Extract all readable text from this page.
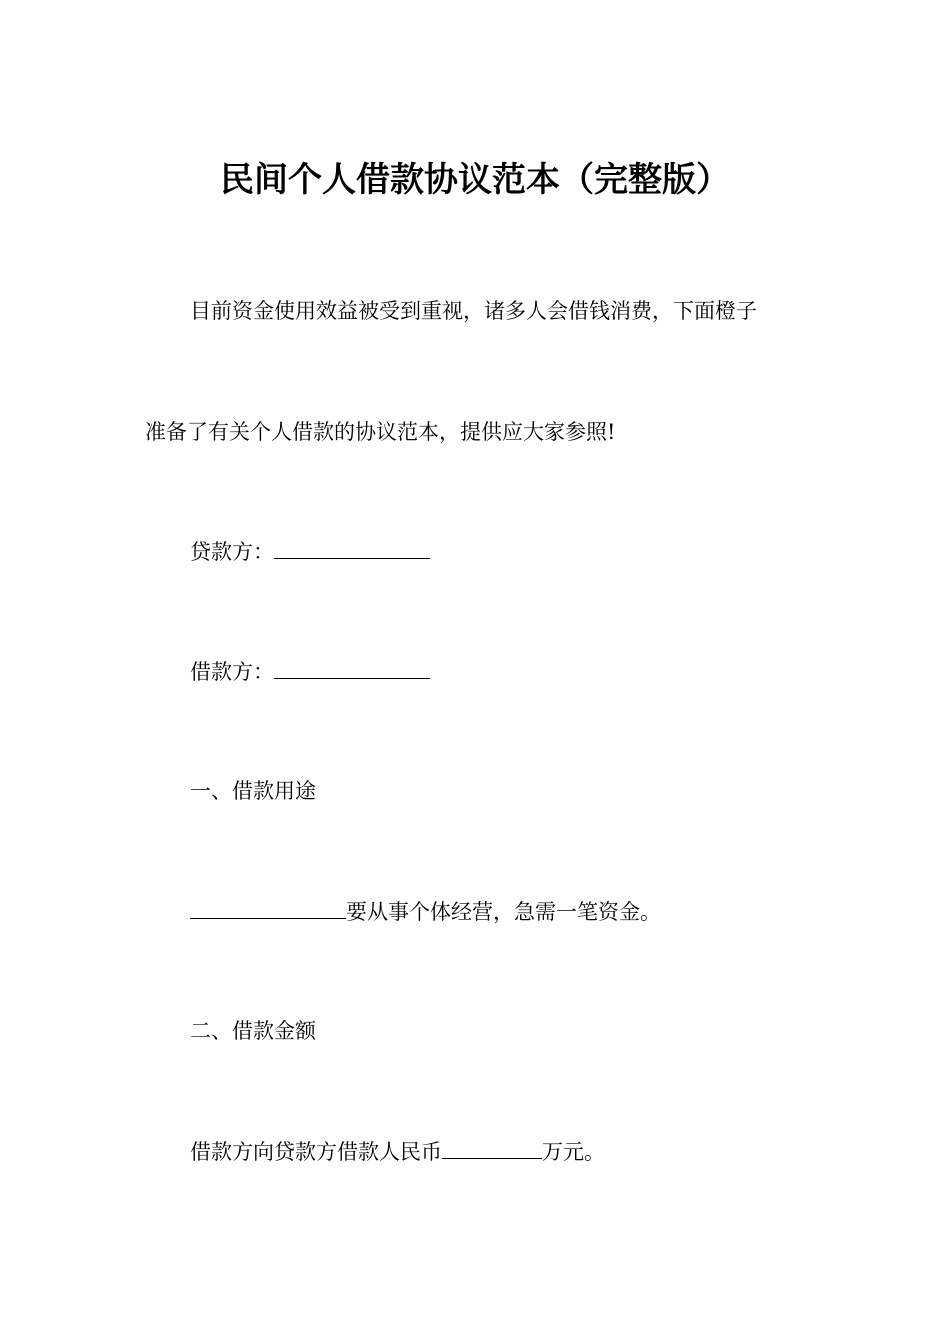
民间个人借款协议范本（完整版）
目前资金使用效益被受到重视，诸多人会借钱消费，下面橙子
准备了有关个人借款的协议范本，提供应大家参照!
贷款方：
借款方：
一、借款用途
要从事个体经营，急需一笔资金。
二、借款金额
借款方向贷款方借款人民币	万元。
